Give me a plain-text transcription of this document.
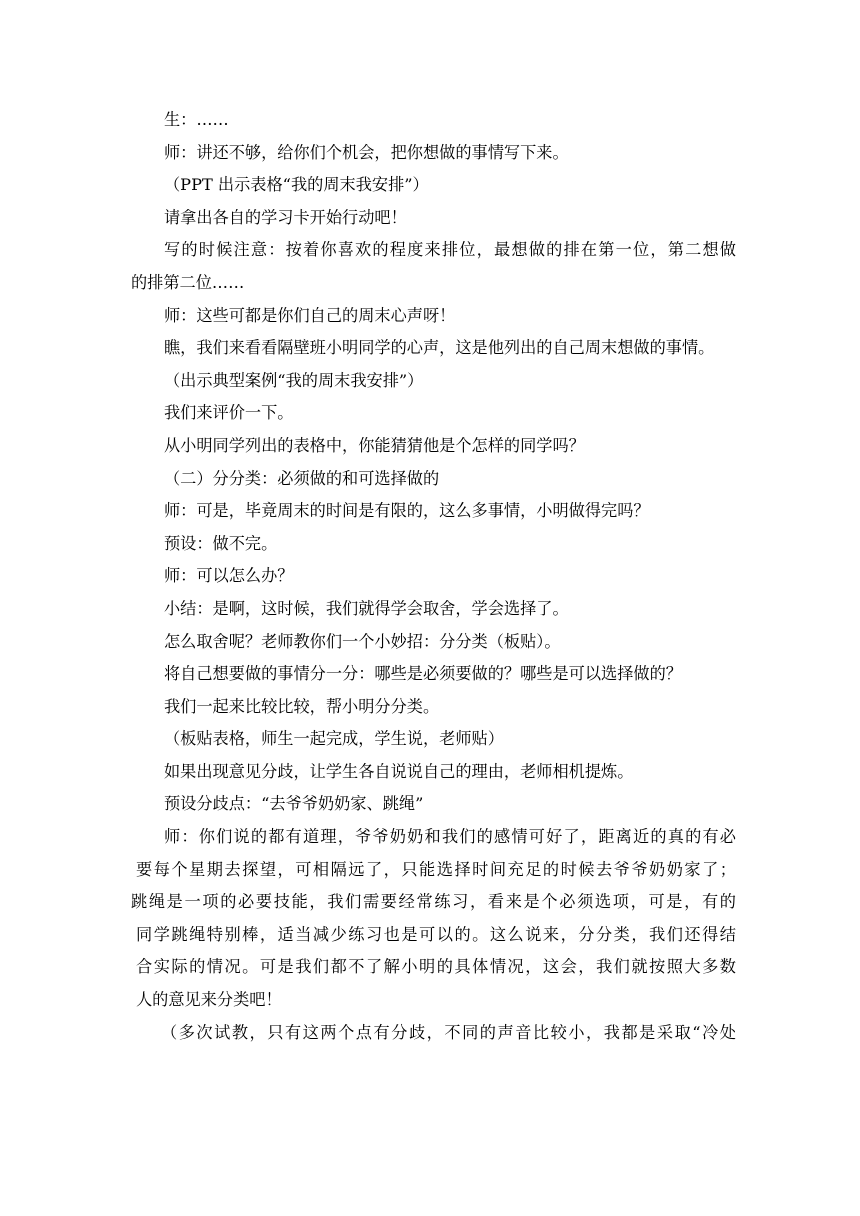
生：……
师：讲还不够，给你们个机会，把你想做的事情写下来。
（PPT 出示表格“我的周末我安排”）
请拿出各自的学习卡开始行动吧！
写的时候注意：按着你喜欢的程度来排位，最想做的排在第一位，第二想做
的排第二位……
师：这些可都是你们自己的周末心声呀！
瞧，我们来看看隔壁班小明同学的心声，这是他列出的自己周末想做的事情。
（出示典型案例“我的周末我安排”）
我们来评价一下。
从小明同学列出的表格中，你能猜猜他是个怎样的同学吗？
（二）分分类：必须做的和可选择做的
师：可是，毕竟周末的时间是有限的，这么多事情，小明做得完吗？
预设：做不完。
师：可以怎么办？
小结：是啊，这时候，我们就得学会取舍，学会选择了。
怎么取舍呢？老师教你们一个小妙招：分分类（板贴）。
将自己想要做的事情分一分：哪些是必须要做的？哪些是可以选择做的？
我们一起来比较比较，帮小明分分类。
（板贴表格，师生一起完成，学生说，老师贴）
如果出现意见分歧，让学生各自说说自己的理由，老师相机提炼。
预设分歧点：“去爷爷奶奶家、跳绳”
师：你们说的都有道理，爷爷奶奶和我们的感情可好了，距离近的真的有必
要每个星期去探望，可相隔远了，只能选择时间充足的时候去爷爷奶奶家了；
跳绳是一项的必要技能，我们需要经常练习，看来是个必须选项，可是，有的
同学跳绳特别棒，适当减少练习也是可以的。这么说来，分分类，我们还得结
合实际的情况。可是我们都不了解小明的具体情况，这会，我们就按照大多数
人的意见来分类吧！
（多次试教，只有这两个点有分歧，不同的声音比较小，我都是采取“冷处
